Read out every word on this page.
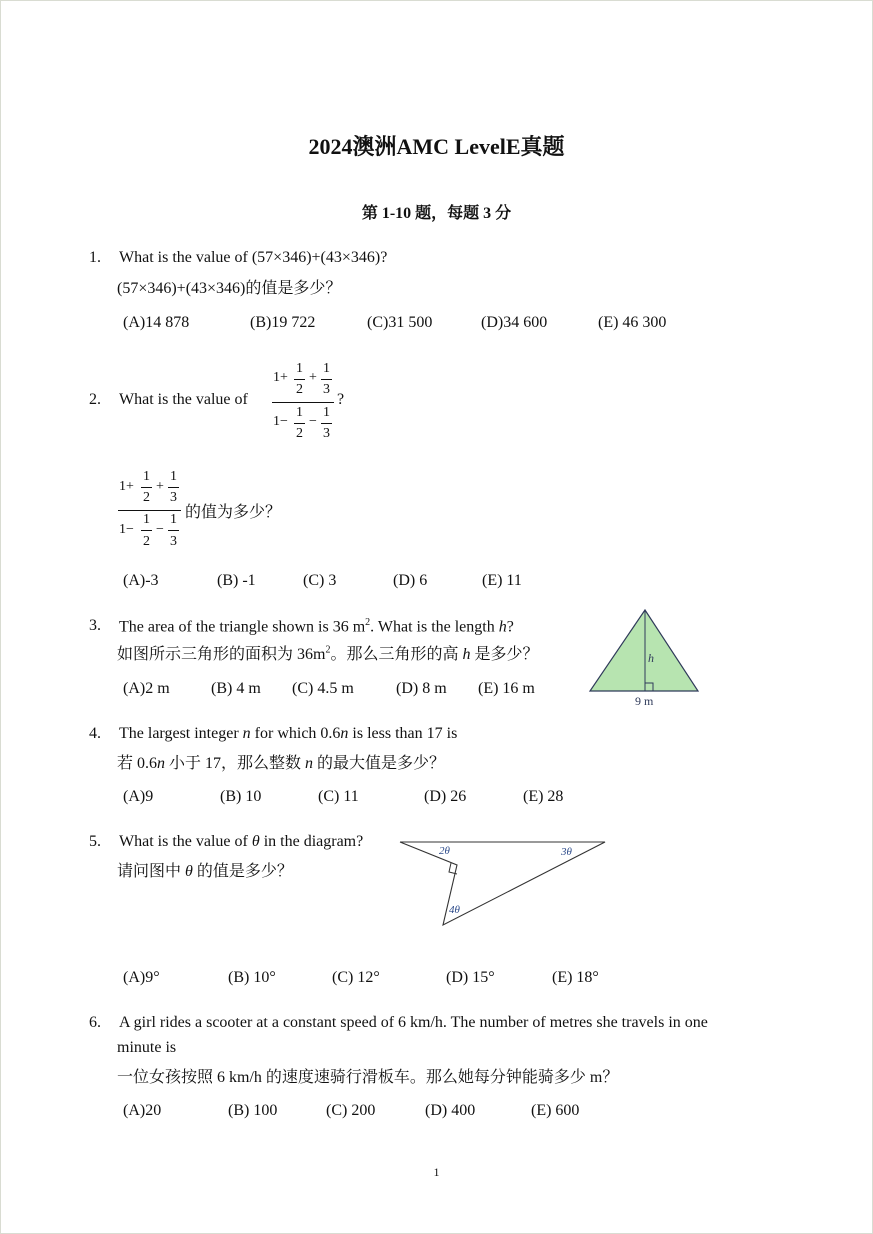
2024澳洲AMC LevelE真题
第 1-10 题，每题 3 分
1. What is the value of (57×346)+(43×346)?
(57×346)+(43×346)的值是多少？
(A)14 878	(B)19 722	(C)31 500	(D)34 600	(E) 46 300
2. What is the value of
1+
1
2
+
1
3
1−
1
2
−
1
3
?
1+
1
2
+
1
3
1−
1
2
−
1
3
的值为多少？
(A)-3	(B) -1	(C) 3	(D) 6	(E) 11
3. The area of the triangle shown is 36 $m^2$. What is the length h?
如图所示三角形的面积为 $36m^2$。那么三角形的高 h 是多少？
(A)2 m	(B) 4 m (C) 4.5 m	(D) 8 m (E) 16 m
h
9 m
4. The largest integer n for which 0.6n is less than 17 is
若 0.6n 小于 17，那么整数 n 的最大值是多少？
(A)9	(B) 10	(C) 11	(D) 26	(E) 28
5. What is the value of θ in the diagram?
请问图中 θ 的值是多少？
2θ	3θ
4θ
(A)9°	(B) 10°	(C) 12°	(D) 15°	(E) 18°
6. A girl rides a scooter at a constant speed of 6 km/h. The number of metres she travels in one
minute is
一位女孩按照 6 km/h 的速度速骑行滑板车。那么她每分钟能骑多少 m？
(A)20	(B) 100	(C) 200	(D) 400	(E) 600
1
